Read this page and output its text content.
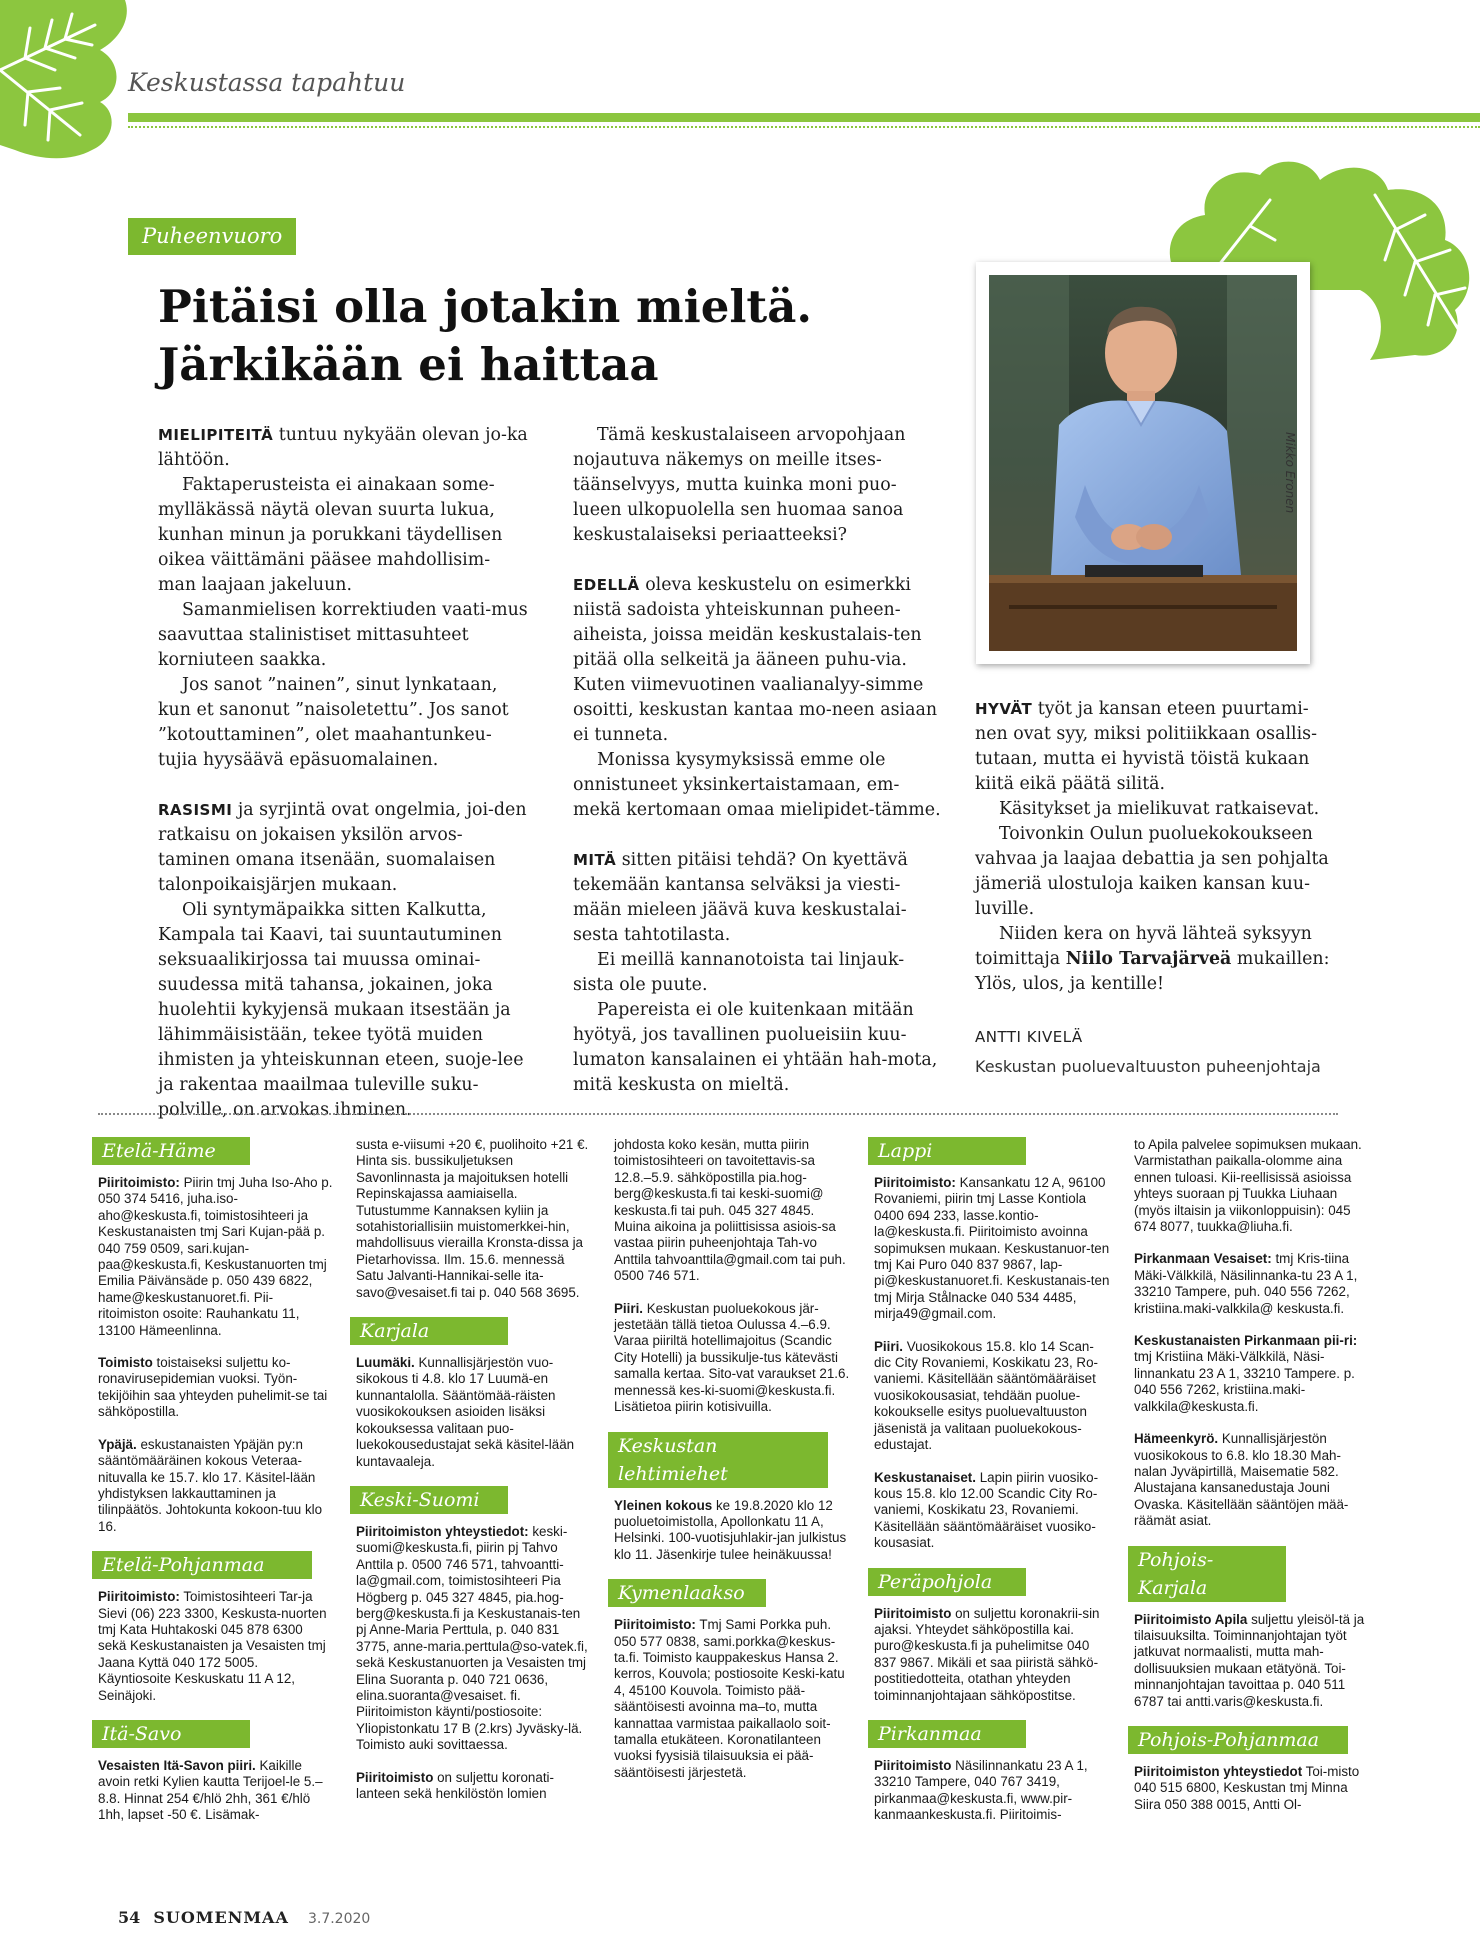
Keskustassa tapahtuu
Puheenvuoro
Pitäisi olla jotakin mieltä.
Järkikään ei haittaa

MIELIPITEITÄ tuntuu nykyään olevan jo-ka lähtöön.

Faktaperusteista ei ainakaan some-mylläkässä näytä olevan suurta lukua, kunhan minun ja porukkani täydellisen oikea väittämäni pääsee mahdollisim-man laajaan jakeluun.

Samanmielisen korrektiuden vaati-mus saavuttaa stalinistiset mittasuhteet korniuteen saakka.

Jos sanot ”nainen”, sinut lynkataan, kun et sanonut ”naisoletettu”. Jos sanot ”kotouttaminen”, olet maahantunkeu-tujia hyysäävä epäsuomalainen.

RASISMI ja syrjintä ovat ongelmia, joi-den ratkaisu on jokaisen yksilön arvos-taminen omana itsenään, suomalaisen talonpoikaisjärjen mukaan.

Oli syntymäpaikka sitten Kalkutta, Kampala tai Kaavi, tai suuntautuminen seksuaalikirjossa tai muussa ominai-suudessa mitä tahansa, jokainen, joka huolehtii kykyjensä mukaan itsestään ja lähimmäisistään, tekee työtä muiden ihmisten ja yhteiskunnan eteen, suoje-lee ja rakentaa maailmaa tuleville suku-polville, on arvokas ihminen.

Tämä keskustalaiseen arvopohjaan nojautuva näkemys on meille itses-täänselvyys, mutta kuinka moni puo-lueen ulkopuolella sen huomaa sanoa keskustalaiseksi periaatteeksi?

EDELLÄ oleva keskustelu on esimerkki niistä sadoista yhteiskunnan puheen-aiheista, joissa meidän keskustalais-ten pitää olla selkeitä ja ääneen puhu-via. Kuten viimevuotinen vaalianalyy-simme osoitti, keskustan kantaa mo-neen asiaan ei tunneta.

Monissa kysymyksissä emme ole onnistuneet yksinkertaistamaan, em-mekä kertomaan omaa mielipidet-tämme.

MITÄ sitten pitäisi tehdä? On kyettävä tekemään kantansa selväksi ja viesti-mään mieleen jäävä kuva keskustalai-sesta tahtotilasta.

Ei meillä kannanotoista tai linjauk-sista ole puute.

Papereista ei ole kuitenkaan mitään hyötyä, jos tavallinen puolueisiin kuu-lumaton kansalainen ei yhtään hah-mota, mitä keskusta on mieltä.

Mikko Eronen

HYVÄT työt ja kansan eteen puurtami-nen ovat syy, miksi politiikkaan osallis-tutaan, mutta ei hyvistä töistä kukaan kiitä eikä päätä silitä.

Käsitykset ja mielikuvat ratkaisevat.

Toivonkin Oulun puoluekokoukseen vahvaa ja laajaa debattia ja sen pohjalta jämeriä ulostuloja kaiken kansan kuu-luville.

Niiden kera on hyvä lähteä syksyyn toimittaja Niilo Tarvajärveä mukaillen: Ylös, ulos, ja kentille!

ANTTI KIVELÄ

Keskustan puoluevaltuuston puheenjohtaja

Etelä-Häme

Piiritoimisto: Piirin tmj Juha Iso-Aho p. 050 374 5416, juha.iso-aho@keskusta.fi, toimistosihteeri ja Keskustanaisten tmj Sari Kujan-pää p. 040 759 0509, sari.kujan-paa@keskusta.fi, Keskustanuorten tmj Emilia Päivänsäde p. 050 439 6822, hame@keskustanuoret.fi. Pii-ritoimiston osoite: Rauhankatu 11, 13100 Hämeenlinna.

Toimisto toistaiseksi suljettu ko-ronavirusepidemian vuoksi. Työn-tekijöihin saa yhteyden puhelimit-se tai sähköpostilla.

Ypäjä. eskustanaisten Ypäjän py:n sääntömääräinen kokous Veteraa-nituvalla ke 15.7. klo 17. Käsitel-lään yhdistyksen lakkauttaminen ja tilinpäätös. Johtokunta kokoon-tuu klo 16.

Etelä-Pohjanmaa

Piiritoimisto: Toimistosihteeri Tar-ja Sievi (06) 223 3300, Keskusta-nuorten tmj Kata Huhtakoski 045 878 6300 sekä Keskustanaisten ja Vesaisten tmj Jaana Kyttä 040 172 5005. Käyntiosoite Keskuskatu 11 A 12, Seinäjoki.

Itä-Savo

Vesaisten Itä-Savon piiri. Kaikille avoin retki Kylien kautta Terijoel-le 5.–8.8. Hinnat 254 €/hlö 2hh, 361 €/hlö 1hh, lapset -50 €. Lisämak-

susta e-viisumi +20 €, puolihoito +21 €. Hinta sis. bussikuljetuksen Savonlinnasta ja majoituksen hotelli Repinskajassa aamiaisella. Tutustumme Kannaksen kyliin ja sotahistoriallisiin muistomerkkei-hin, mahdollisuus vierailla Kronsta-dissa ja Pietarhovissa. Ilm. 15.6. mennessä Satu Jalvanti-Hannikai-selle ita-savo@vesaiset.fi tai p. 040 568 3695.

Karjala

Luumäki. Kunnallisjärjestön vuo-sikokous ti 4.8. klo 17 Luumä-en kunnantalolla. Sääntömää-räisten vuosikokouksen asioiden lisäksi kokouksessa valitaan puo-luekokousedustajat sekä käsitel-lään kuntavaaleja.

Keski-Suomi

Piiritoimiston yhteystiedot: keski-suomi@keskusta.fi, piirin pj Tahvo Anttila p. 0500 746 571, tahvoantti-la@gmail.com, toimistosihteeri Pia Högberg p. 045 327 4845, pia.hog-berg@keskusta.fi ja Keskustanais-ten pj Anne-Maria Perttula, p. 040 831 3775, anne-maria.perttula@so-vatek.fi, sekä Keskustanuorten ja Vesaisten tmj Elina Suoranta p. 040 721 0636, elina.suoranta@vesaiset. fi. Piiritoimiston käynti/postiosoite: Yliopistonkatu 17 B (2.krs) Jyväsky-lä. Toimisto auki sovittaessa.

Piiritoimisto on suljettu koronati-lanteen sekä henkilöstön lomien

johdosta koko kesän, mutta piirin toimistosihteeri on tavoitettavis-sa 12.8.–5.9. sähköpostilla pia.hog-berg@keskusta.fi tai keski-suomi@ keskusta.fi tai puh. 045 327 4845. Muina aikoina ja poliittisissa asiois-sa vastaa piirin puheenjohtaja Tah-vo Anttila tahvoanttila@gmail.com tai puh. 0500 746 571.

Piiri. Keskustan puoluekokous jär-jestetään tällä tietoa Oulussa 4.–6.9. Varaa piiriltä hotellimajoitus (Scandic City Hotelli) ja bussikulje-tus kätevästi samalla kertaa. Sito-vat varaukset 21.6. mennessä kes-ki-suomi@keskusta.fi. Lisätietoa piirin kotisivuilla.

Keskustan lehtimiehet

Yleinen kokous ke 19.8.2020 klo 12 puoluetoimistolla, Apollonkatu 11 A, Helsinki. 100-vuotisjuhlakir-jan julkistus klo 11. Jäsenkirje tulee heinäkuussa!

Kymenlaakso

Piiritoimisto: Tmj Sami Porkka puh. 050 577 0838, sami.porkka@keskus-ta.fi. Toimisto kauppakeskus Hansa 2. kerros, Kouvola; postiosoite Keski-katu 4, 45100 Kouvola. Toimisto pää-sääntöisesti avoinna ma–to, mutta kannattaa varmistaa paikallaolo soit-tamalla etukäteen. Koronatilanteen vuoksi fyysisiä tilaisuuksia ei pää-sääntöisesti järjestetä.

Lappi

Piiritoimisto: Kansankatu 12 A, 96100 Rovaniemi, piirin tmj Lasse Kontiola 0400 694 233, lasse.kontio-la@keskusta.fi. Piiritoimisto avoinna sopimuksen mukaan. Keskustanuor-ten tmj Kai Puro 040 837 9867, lap-pi@keskustanuoret.fi. Keskustanais-ten tmj Mirja Stålnacke 040 534 4485, mirja49@gmail.com.

Piiri. Vuosikokous 15.8. klo 14 Scan-dic City Rovaniemi, Koskikatu 23, Ro-vaniemi. Käsitellään sääntömääräiset vuosikokousasiat, tehdään puolue-kokoukselle esitys puoluevaltuuston jäsenistä ja valitaan puoluekokous-edustajat.

Keskustanaiset. Lapin piirin vuosiko-kous 15.8. klo 12.00 Scandic City Ro-vaniemi, Koskikatu 23, Rovaniemi. Käsitellään sääntömääräiset vuosiko-kousasiat.

Peräpohjola

Piiritoimisto on suljettu koronakrii-sin ajaksi. Yhteydet sähköpostilla kai. puro@keskusta.fi ja puhelimitse 040 837 9867. Mikäli et saa piiristä sähkö-postitiedotteita, otathan yhteyden toiminnanjohtajaan sähköpostitse.

Pirkanmaa

Piiritoimisto Näsilinnankatu 23 A 1, 33210 Tampere, 040 767 3419, pirkanmaa@keskusta.fi, www.pir-kanmaankeskusta.fi. Piiritoimis-

to Apila palvelee sopimuksen mukaan. Varmistathan paikalla-olomme aina ennen tuloasi. Kii-reellisissä asioissa yhteys suoraan pj Tuukka Liuhaan (myös iltaisin ja viikonloppuisin): 045 674 8077, tuukka@liuha.fi.

Pirkanmaan Vesaiset: tmj Kris-tiina Mäki-Välkkilä, Näsilinnanka-tu 23 A 1, 33210 Tampere, puh. 040 556 7262, kristiina.maki-valkkila@ keskusta.fi.

Keskustanaisten Pirkanmaan pii-ri: tmj Kristiina Mäki-Välkkilä, Näsi-linnankatu 23 A 1, 33210 Tampere. p. 040 556 7262, kristiina.maki-valkkila@keskusta.fi.

Hämeenkyrö. Kunnallisjärjestön vuosikokous to 6.8. klo 18.30 Mah-nalan Jyväpirtillä, Maisematie 582. Alustajana kansanedustaja Jouni Ovaska. Käsitellään sääntöjen mää-räämät asiat.

Pohjois-Karjala

Piiritoimisto Apila suljettu yleisöl-tä ja tilaisuuksilta. Toiminnanjohtajan työt jatkuvat normaalisti, mutta mah-dollisuuksien mukaan etätyönä. Toi-minnanjohtajan tavoittaa p. 040 511 6787 tai antti.varis@keskusta.fi.

Pohjois-Pohjanmaa

Piiritoimiston yhteystiedot Toi-misto 040 515 6800, Keskustan tmj Minna Siira 050 388 0015, Antti Ol-

54 SUOMENMAA 3.7.2020
